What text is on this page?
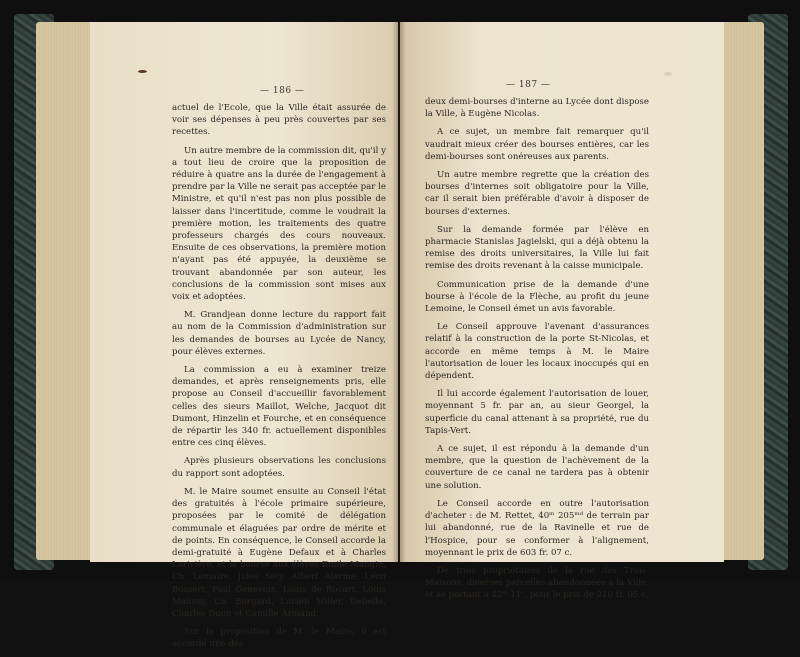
— 186 —

actuel de l'Ecole, que la Ville était assurée de voir ses dépenses à peu près couvertes par ses recettes.

Un autre membre de la commission dit, qu'il y a tout lieu de croire que la proposition de réduire à quatre ans la durée de l'engagement à prendre par la Ville ne serait pas acceptée par le Ministre, et qu'il n'est pas non plus possible de laisser dans l'incertitude, comme le voudrait la première motion, les traitements des quatre professeurs chargés des cours nouveaux. Ensuite de ces observations, la première motion n'ayant pas été appuyée, la deuxième se trouvant abandonnée par son auteur, les conclusions de la commission sont mises aux voix et adoptées.

M. Grandjean donne lecture du rapport fait au nom de la Commission d'administration sur les demandes de bourses au Lycée de Nancy, pour élèves externes.

La commission a eu à examiner treize demandes, et après renseignements pris, elle propose au Conseil d'accueillir favorablement celles des sieurs Maillot, Welche, Jacquot dit Dumont, Hinzelin et Fourche, et en conséquence de répartir les 340 fr. actuellement disponibles entre ces cinq élèves.

Après plusieurs observations les conclusions du rapport sont adoptées.

M. le Maire soumet ensuite au Conseil l'état des gratuités à l'école primaire supérieure, proposées par le comité de délégation communale et élaguées par ordre de mérite et de points. En conséquence, le Conseil accorde la demi-gratuité à Eugène Defaux et à Charles Larivière, et la bourse aux élèves Emile Mangin, Ch. Lemaire, Jules Séty, Albert Alerme, Léon Bossert, Paul Genevoix, Louis de Rocart, Louis Mansuy, Ch. Borgard, Lucien Miller, Debelle, Charles Duon et Camille Armand.

Sur la proposition de M. le Maire, il est accordé une dés

— 187 —

deux demi-bourses d'interne au Lycée dont dispose la Ville, à Eugène Nicolas.

A ce sujet, un membre fait remarquer qu'il vaudrait mieux créer des bourses entières, car les demi-bourses sont onéreuses aux parents.

Un autre membre regrette que la création des bourses d'internes soit obligatoire pour la Ville, car il serait bien préférable d'avoir à disposer de bourses d'externes.

Sur la demande formée par l'élève en pharmacie Stanislas Jagielski, qui a déjà obtenu la remise des droits universitaires, la Ville lui fait remise des droits revenant à la caisse municipale.

Communication prise de la demande d'une bourse à l'école de la Flèche, au profit du jeune Lemoine, le Conseil émet un avis favorable.

Le Conseil approuve l'avenant d'assurances relatif à la construction de la porte St-Nicolas, et accorde en même temps à M. le Maire l'autorisation de louer les locaux inoccupés qui en dépendent.

Il lui accorde également l'autorisation de louer, moyennant 5 fr. par an, au sieur Georgel, la superficie du canal attenant à sa propriété, rue du Tapis-Vert.

A ce sujet, il est répondu à la demande d'un membre, que la question de l'achèvement de la couverture de ce canal ne tardera pas à obtenir une solution.

Le Conseil accorde en outre l'autorisation d'acheter : de M. Rettet, 40ᵐ 205ᵐᵈ de terrain par lui abandonné, rue de la Ravinelle et rue de l'Hospice, pour se conformer à l'alignement, moyennant le prix de 603 fr. 07 c.

De trois propriétaires de la rue des Trois-Maisons, diverses parcelles abandonnées à la Ville, et se portant à 42ᵐ 11ᶜ, pour le prix de 210 fr. 05 c.
